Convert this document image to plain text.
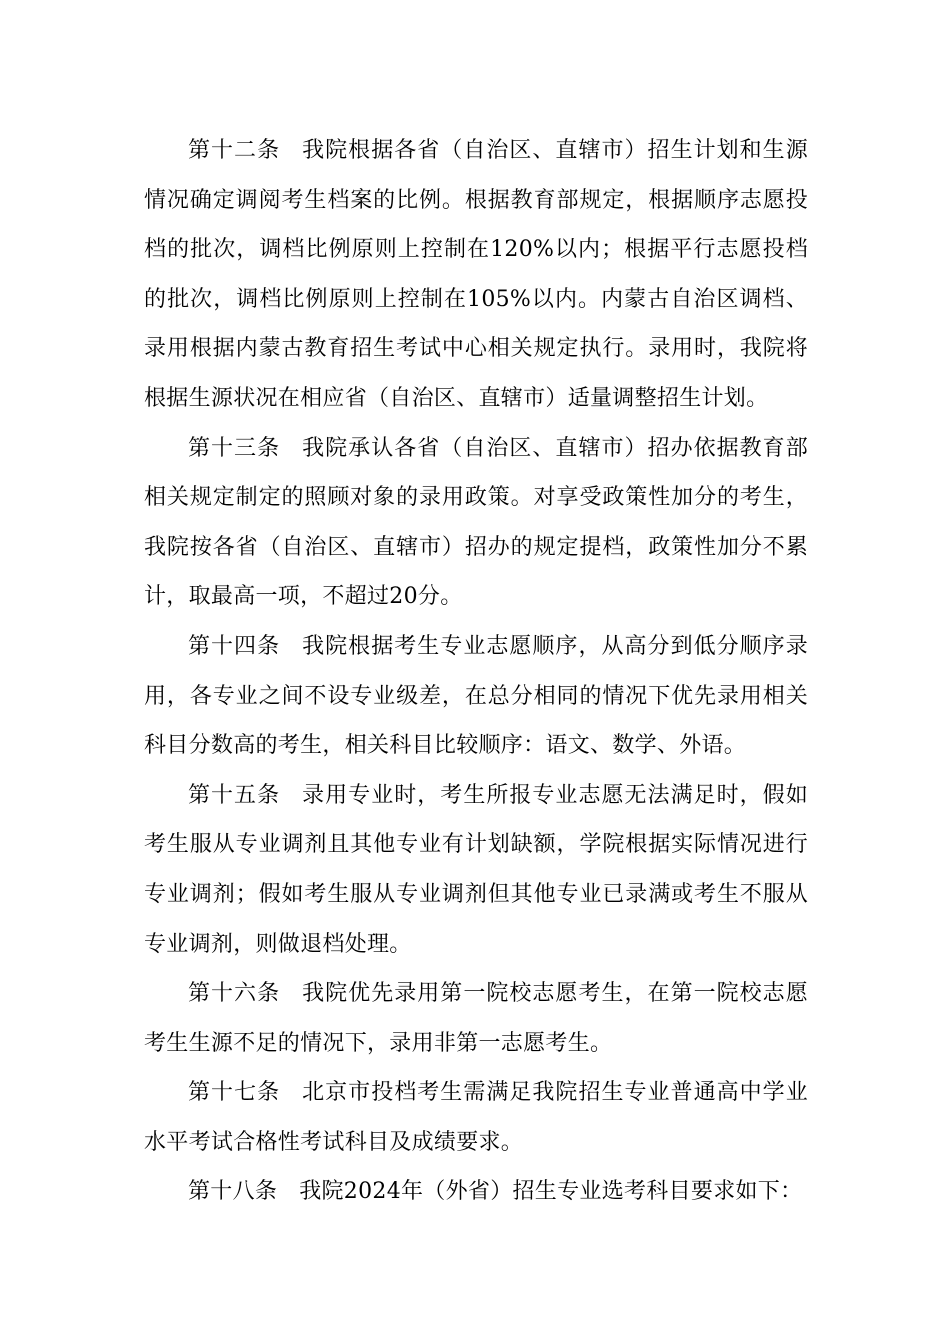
第十二条 我院根据各省（自治区、直辖市）招生计划和生源情况确定调阅考生档案的比例。根据教育部规定，根据顺序志愿投档的批次，调档比例原则上控制在120%以内；根据平行志愿投档的批次，调档比例原则上控制在105%以内。内蒙古自治区调档、录用根据内蒙古教育招生考试中心相关规定执行。录用时，我院将根据生源状况在相应省（自治区、直辖市）适量调整招生计划。

第十三条 我院承认各省（自治区、直辖市）招办依据教育部相关规定制定的照顾对象的录用政策。对享受政策性加分的考生，我院按各省（自治区、直辖市）招办的规定提档，政策性加分不累计，取最高一项，不超过20分。

第十四条 我院根据考生专业志愿顺序，从高分到低分顺序录用，各专业之间不设专业级差，在总分相同的情况下优先录用相关科目分数高的考生，相关科目比较顺序：语文、数学、外语。

第十五条 录用专业时，考生所报专业志愿无法满足时，假如考生服从专业调剂且其他专业有计划缺额，学院根据实际情况进行专业调剂；假如考生服从专业调剂但其他专业已录满或考生不服从专业调剂，则做退档处理。

第十六条 我院优先录用第一院校志愿考生，在第一院校志愿考生生源不足的情况下，录用非第一志愿考生。

第十七条 北京市投档考生需满足我院招生专业普通高中学业水平考试合格性考试科目及成绩要求。

第十八条 我院2024年（外省）招生专业选考科目要求如下：
